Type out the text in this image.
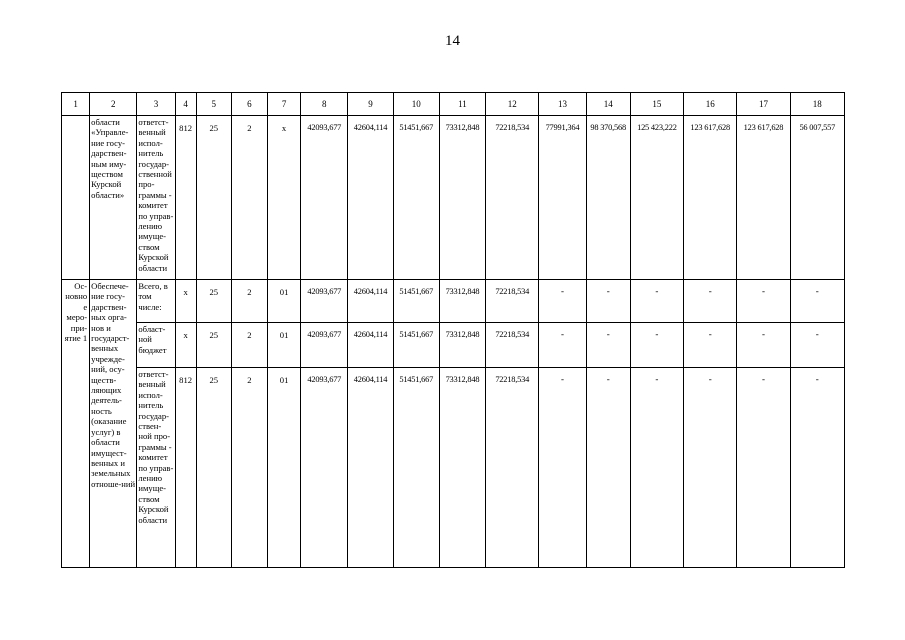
14
1	2	3	4	5	6	7	8	9	10	11	12	13	14	15	16	17	18
	области «Управле-ние госу-дарствен-ным иму-ществом Курской области»	ответст-венный испол-нитель государ-ственной про-граммы - комитет по управ-лению имуще-ством Курской области	812	25	2	х	42093,677	42604,114	51451,667	73312,848	72218,534	77991,364	98 370,568	125 423,222	123 617,628	123 617,628	56 007,557
Ос-новное меро-при-ятие 1	Обеспече-ние госу-дарствен-ных орга-нов и государст-венных учрежде-ний, осу-ществ-ляющих деятель-ность (оказание услуг) в области имущест-венных и земельных отноше-ний	Всего, в том числе:	х	25	2	01	42093,677	42604,114	51451,667	73312,848	72218,534	-	-	-	-	-	-
		област-ной бюджет	х	25	2	01	42093,677	42604,114	51451,667	73312,848	72218,534	-	-	-	-	-	-
		ответст-венный испол-нитель государ-ствен-ной про-граммы - комитет по управ-лению имуще-ством Курской области	812	25	2	01	42093,677	42604,114	51451,667	73312,848	72218,534	-	-	-	-	-	-
